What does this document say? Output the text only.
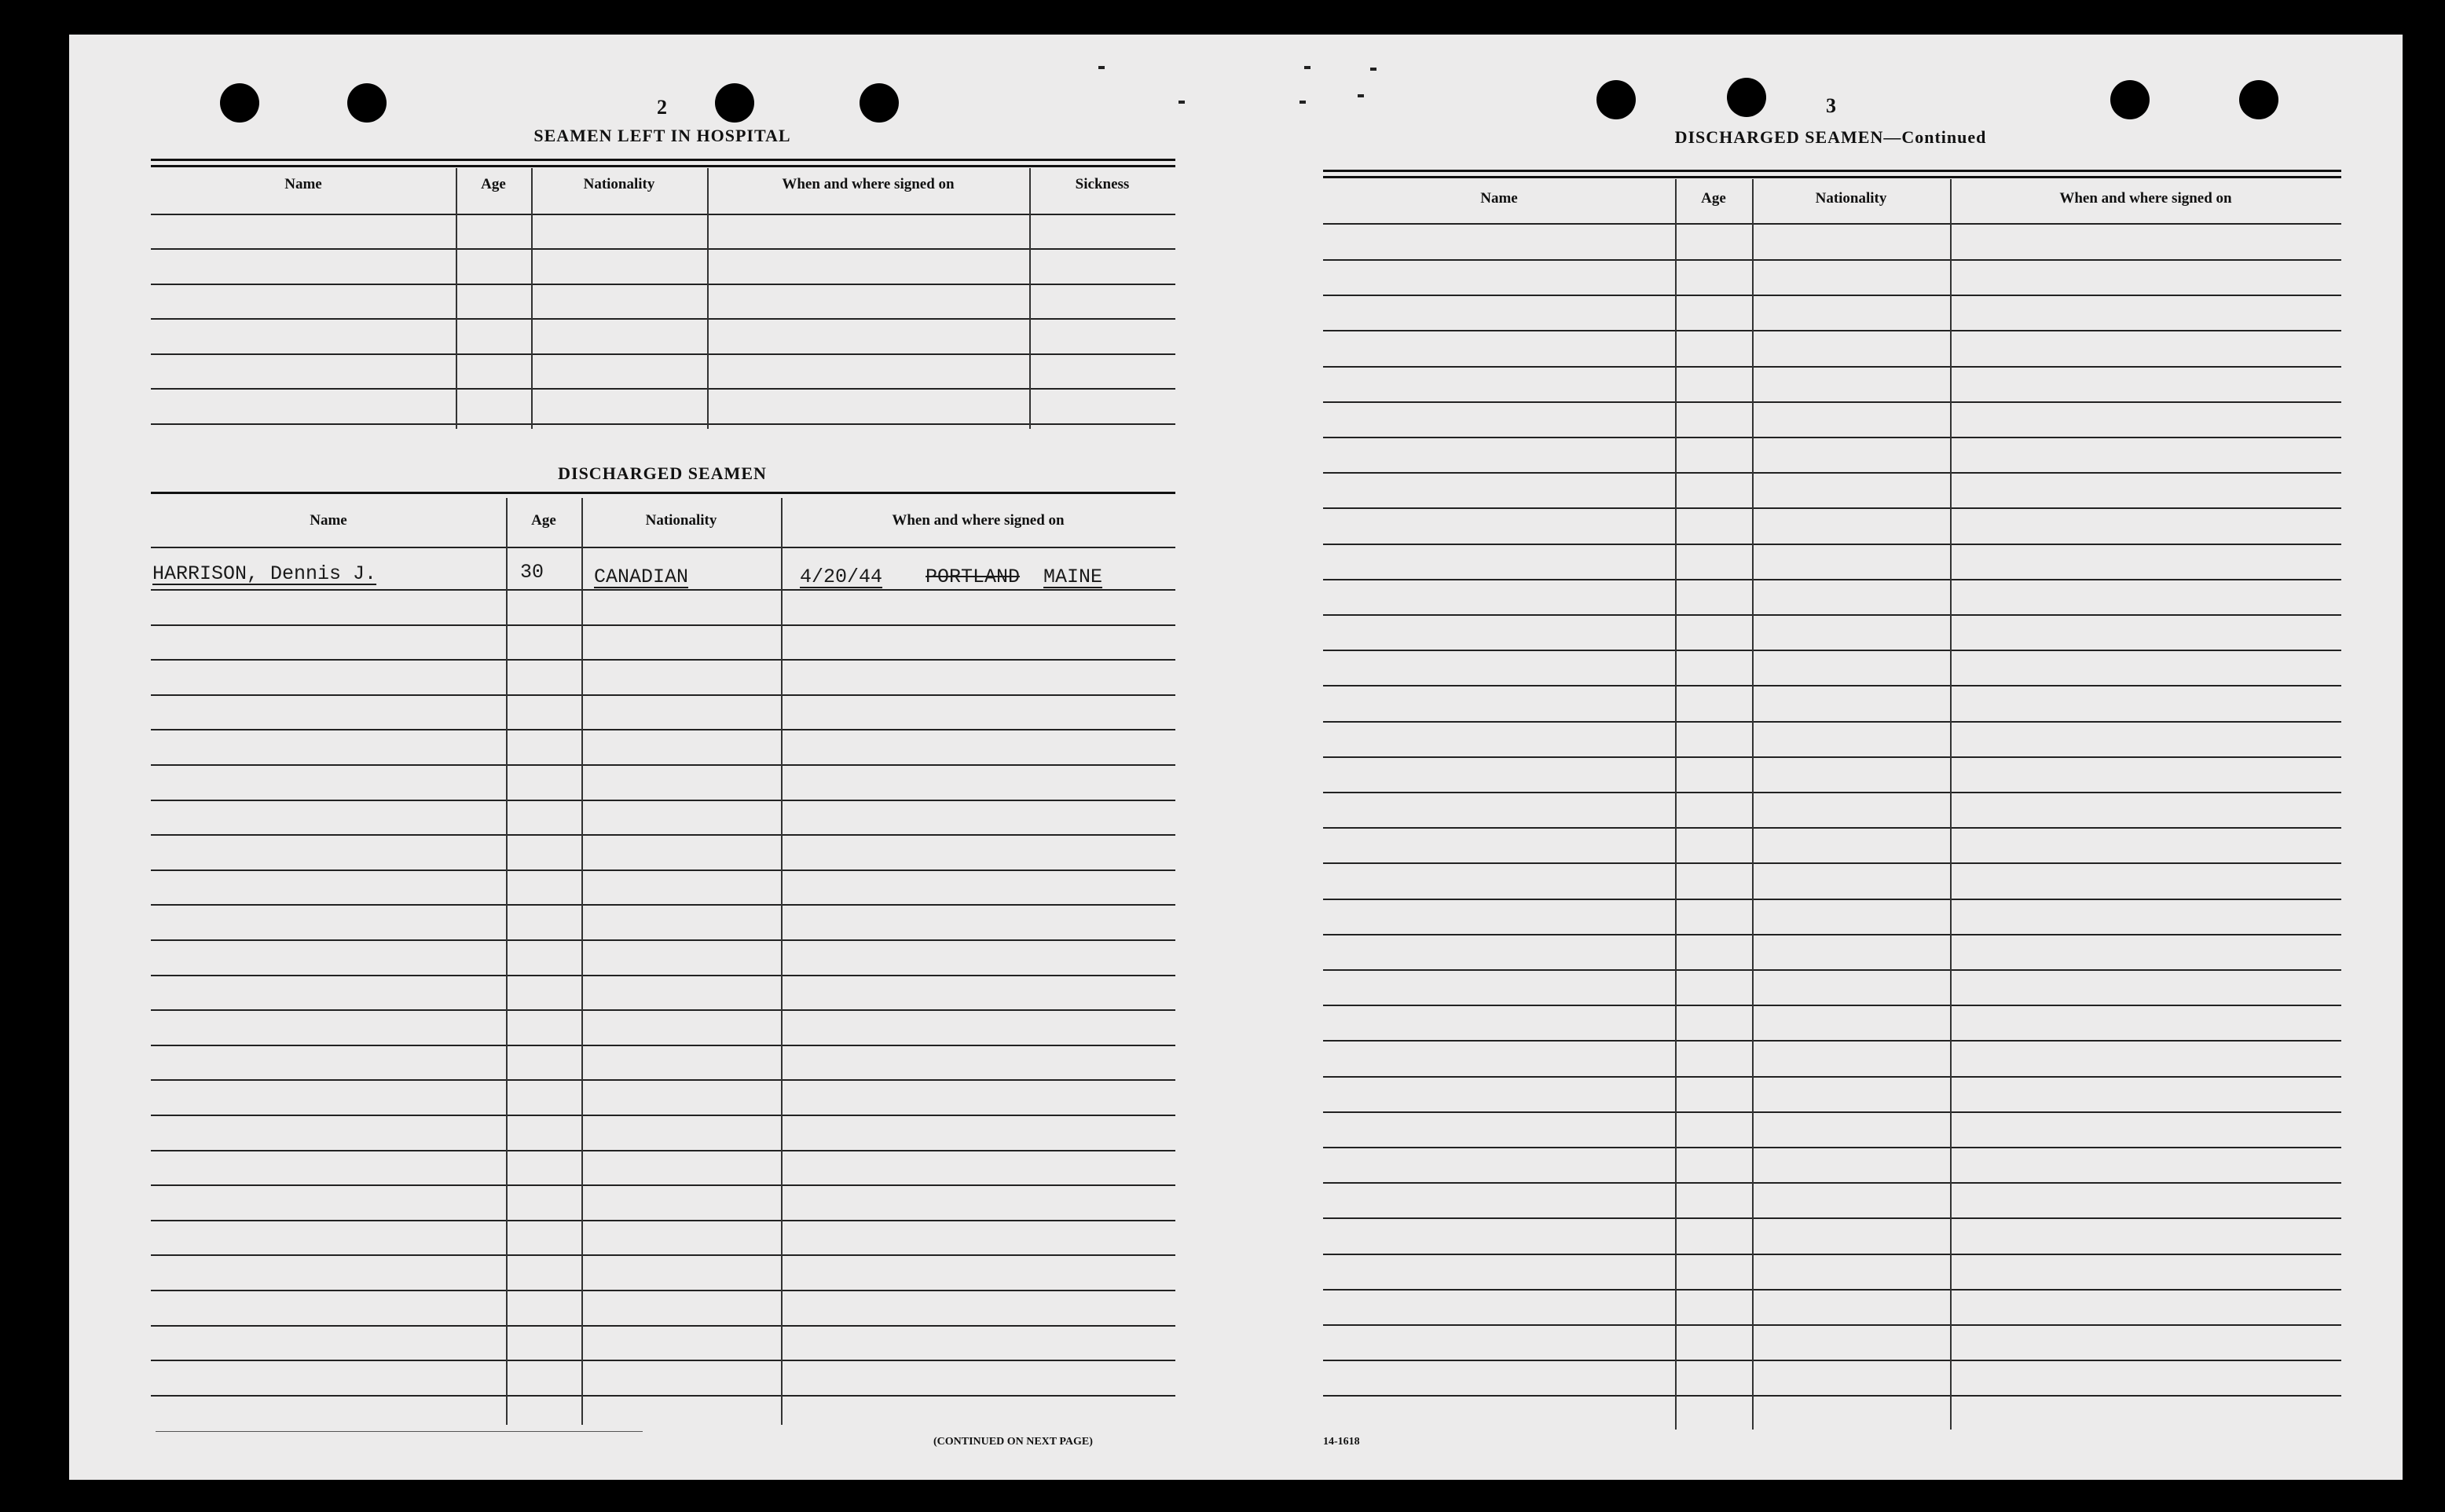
2
SEAMEN LEFT IN HOSPITAL
DISCHARGED SEAMEN
HARRISON, Dennis J.	30	CANADIAN	4/20/44 PORTLAND MAINE
(CONTINUED ON NEXT PAGE)
3
DISCHARGED SEAMEN—Continued
14-1618
Name	Age	Nationality	When and where signed on	Sickness
Name	Age	Nationality	When and where signed on
Name	Age	Nationality	When and where signed on
